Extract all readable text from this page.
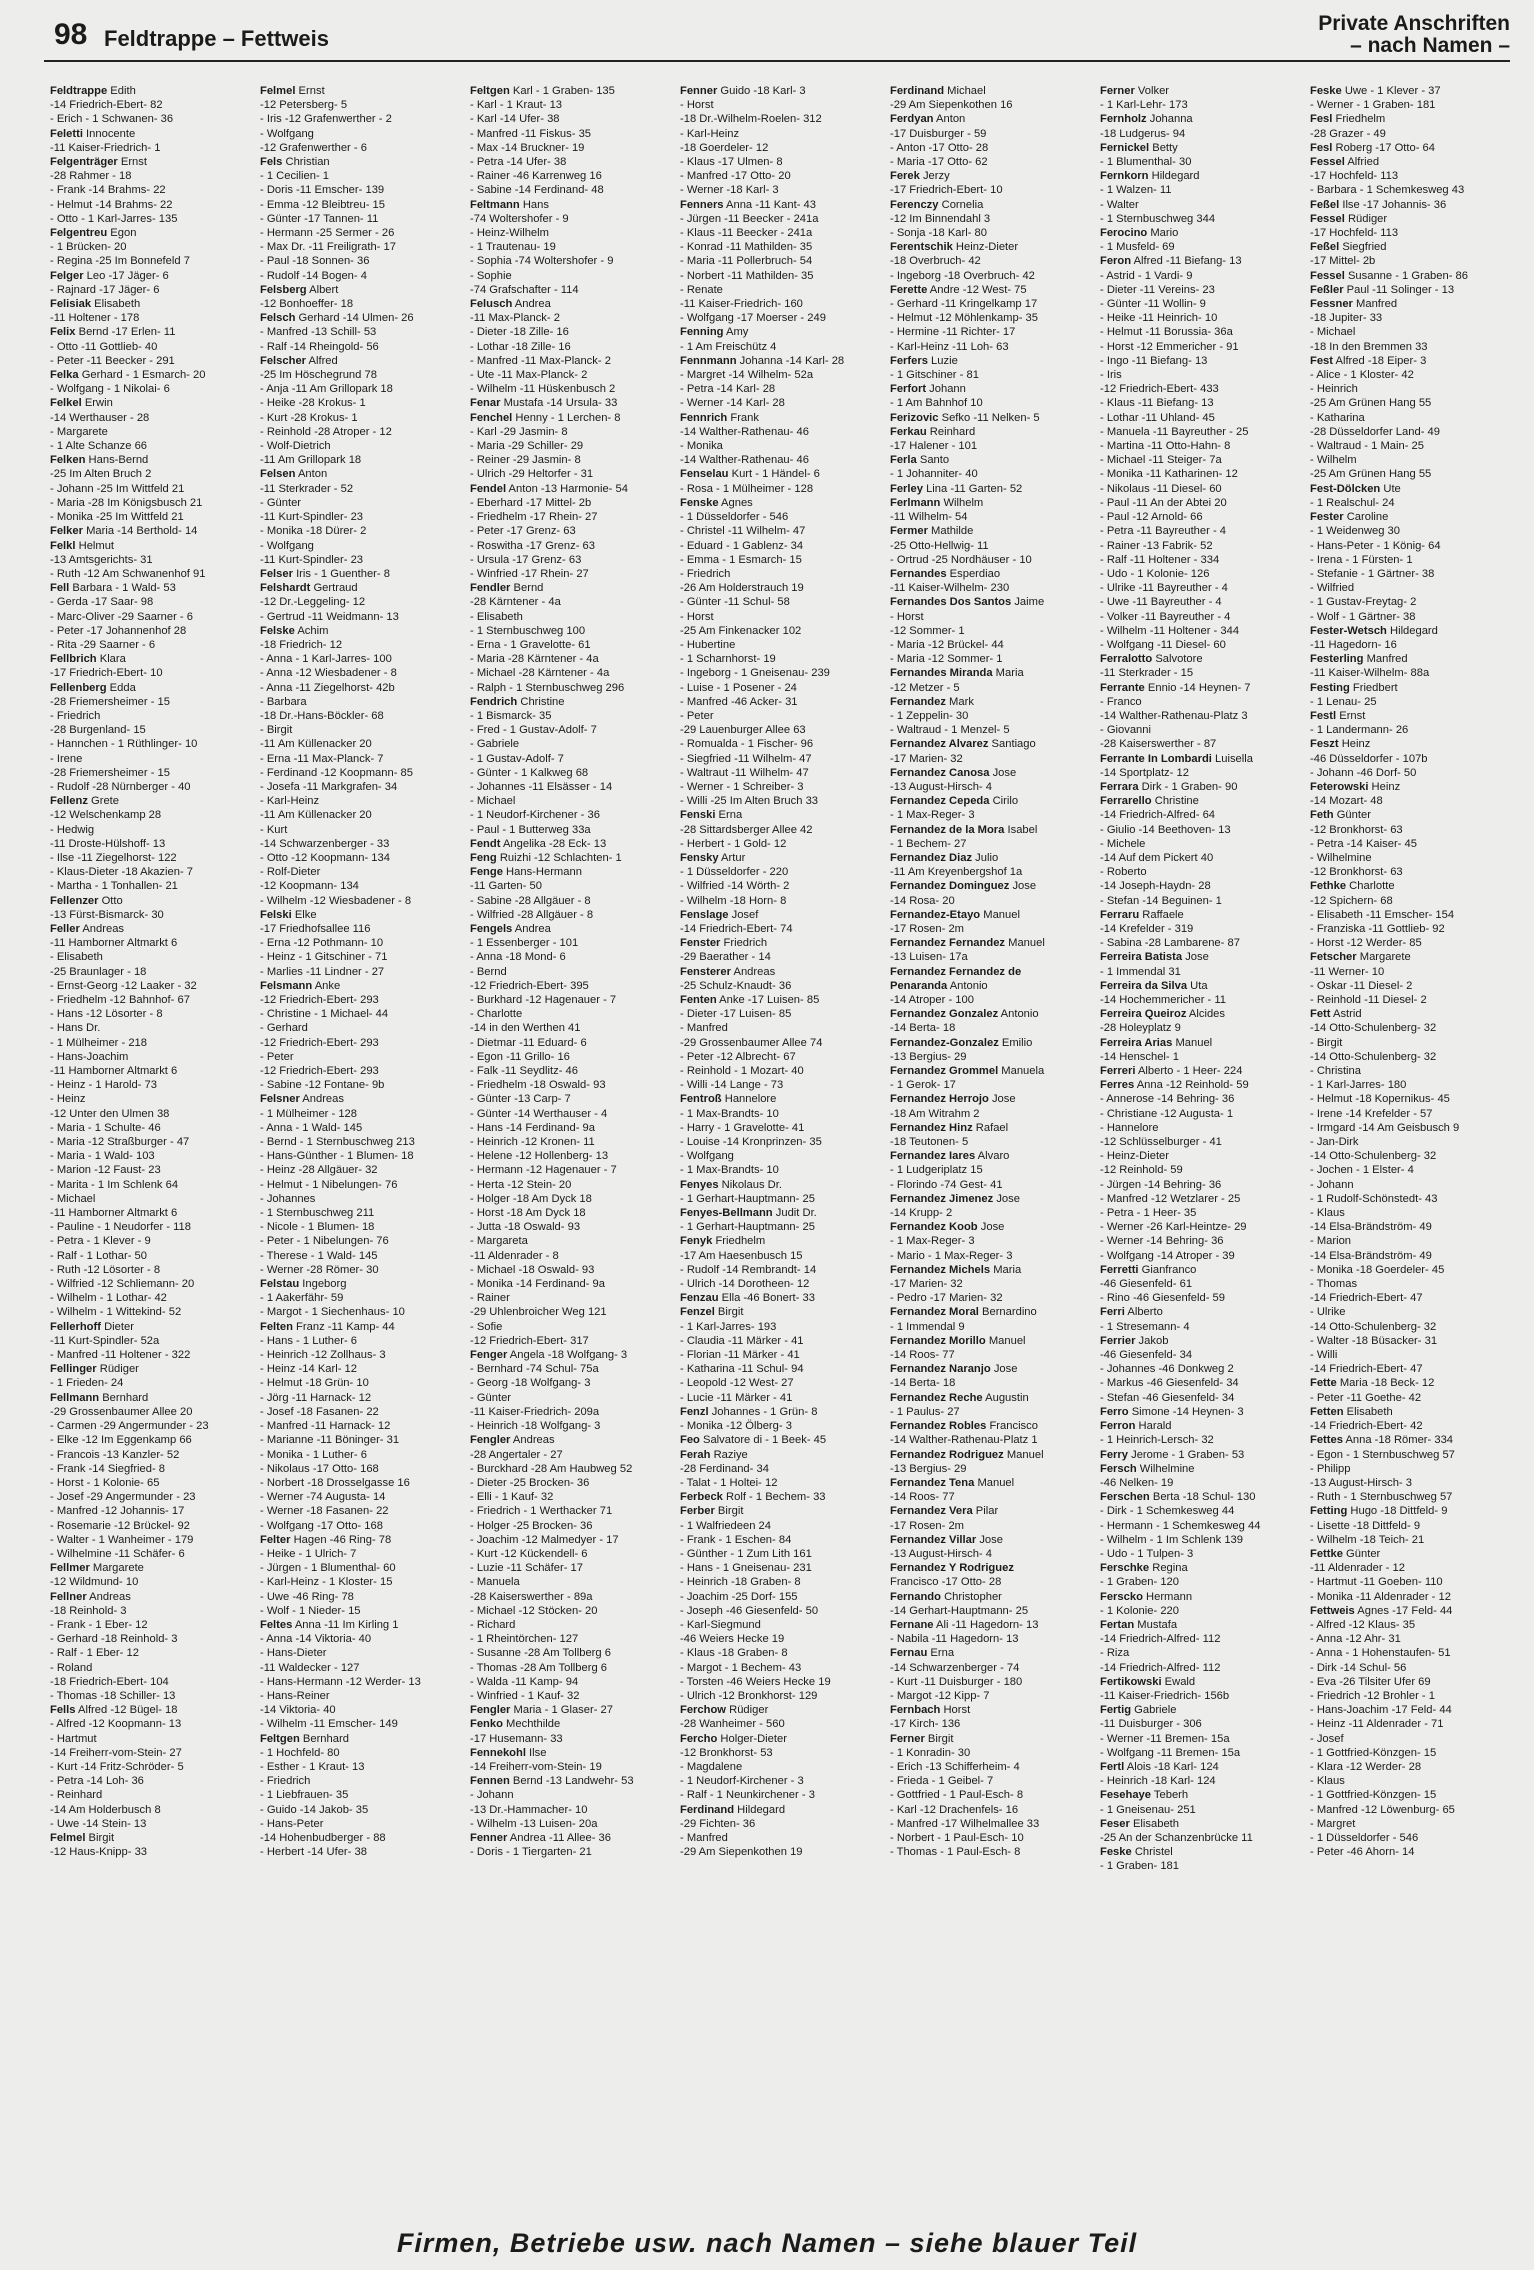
98 Feldtrappe – Fettweis
Private Anschriften
– nach Namen –
Feldtrappe Edith
-14 Friedrich-Ebert- 82
- Erich - 1 Schwanen- 36
Feletti Innocente
-11 Kaiser-Friedrich- 1
Felgenträger Ernst
-28 Rahmer - 18
- Frank -14 Brahms- 22
- Helmut -14 Brahms- 22
- Otto - 1 Karl-Jarres- 135
Felgentreu Egon
- 1 Brücken- 20
- Regina -25 Im Bonnefeld 7
Felger Leo -17 Jäger- 6
- Rajnard -17 Jäger- 6
Felisiak Elisabeth
-11 Holtener - 178
Felix Bernd -17 Erlen- 11
- Otto -11 Gottlieb- 40
- Peter -11 Beecker - 291
Felka Gerhard - 1 Esmarch- 20
- Wolfgang - 1 Nikolai- 6
Felkel Erwin
-14 Werthauser - 28
- Margarete
- 1 Alte Schanze 66
Felken Hans-Bernd
-25 Im Alten Bruch 2
- Johann -25 Im Wittfeld 21
- Maria -28 Im Königsbusch 21
- Monika -25 Im Wittfeld 21
Felker Maria -14 Berthold- 14
Felkl Helmut
-13 Amtsgerichts- 31
- Ruth -12 Am Schwanenhof 91
Fell Barbara - 1 Wald- 53
- Gerda -17 Saar- 98
- Marc-Oliver -29 Saarner - 6
- Peter -17 Johannenhof 28
- Rita -29 Saarner - 6
Fellbrich Klara
-17 Friedrich-Ebert- 10
Fellenberg Edda
-28 Friemersheimer - 15
- Friedrich
-28 Burgenland- 15
- Hannchen - 1 Rüthlinger- 10
- Irene
-28 Friemersheimer - 15
- Rudolf -28 Nürnberger - 40
Fellenz Grete
-12 Welschenkamp 28
- Hedwig
-11 Droste-Hülshoff- 13
- Ilse -11 Ziegelhorst- 122
- Klaus-Dieter -18 Akazien- 7
- Martha - 1 Tonhallen- 21
Fellenzer Otto
-13 Fürst-Bismarck- 30
Feller Andreas
-11 Hamborner Altmarkt 6
- Elisabeth
-25 Braunlager - 18
- Ernst-Georg -12 Laaker - 32
- Friedhelm -12 Bahnhof- 67
- Hans -12 Lösorter - 8
- Hans Dr.
- 1 Mülheimer - 218
- Hans-Joachim
-11 Hamborner Altmarkt 6
- Heinz - 1 Harold- 73
- Heinz
-12 Unter den Ulmen 38
- Maria - 1 Schulte- 46
- Maria -12 Straßburger - 47
- Maria - 1 Wald- 103
- Marion -12 Faust- 23
- Marita - 1 Im Schlenk 64
- Michael
-11 Hamborner Altmarkt 6
- Pauline - 1 Neudorfer - 118
- Petra - 1 Klever - 9
- Ralf - 1 Lothar- 50
- Ruth -12 Lösorter - 8
- Wilfried -12 Schliemann- 20
- Wilhelm - 1 Lothar- 42
- Wilhelm - 1 Wittekind- 52
Fellerhoff Dieter
-11 Kurt-Spindler- 52a
- Manfred -11 Holtener - 322
Fellinger Rüdiger
- 1 Frieden- 24
Fellmann Bernhard
-29 Grossenbaumer Allee 20
- Carmen -29 Angermunder - 23
- Elke -12 Im Eggenkamp 66
- Francois -13 Kanzler- 52
- Frank -14 Siegfried- 8
- Horst - 1 Kolonie- 65
- Josef -29 Angermunder - 23
- Manfred -12 Johannis- 17
- Rosemarie -12 Brückel- 92
- Walter - 1 Wanheimer - 179
- Wilhelmine -11 Schäfer- 6
Fellmer Margarete
-12 Wildmund- 10
Fellner Andreas
-18 Reinhold- 3
- Frank - 1 Eber- 12
- Gerhard -18 Reinhold- 3
- Ralf - 1 Eber- 12
- Roland
-18 Friedrich-Ebert- 104
- Thomas -18 Schiller- 13
Fells Alfred -12 Bügel- 18
- Alfred -12 Koopmann- 13
- Hartmut
-14 Freiherr-vom-Stein- 27
- Kurt -14 Fritz-Schröder- 5
- Petra -14 Loh- 36
- Reinhard
-14 Am Holderbusch 8
- Uwe -14 Stein- 13
Felmel Birgit
-12 Haus-Knipp- 33
Felmel Ernst
-12 Petersberg- 5
- Iris -12 Grafenwerther - 2
- Wolfgang
-12 Grafenwerther - 6
Fels Christian
- 1 Cecilien- 1
- Doris -11 Emscher- 139
- Emma -12 Bleibtreu- 15
- Günter -17 Tannen- 11
- Hermann -25 Sermer - 26
- Max Dr. -11 Freiligrath- 17
- Paul -18 Sonnen- 36
- Rudolf -14 Bogen- 4
Felsberg Albert
-12 Bonhoeffer- 18
Felsch Gerhard -14 Ulmen- 26
- Manfred -13 Schill- 53
- Ralf -14 Rheingold- 56
Felscher Alfred
-25 Im Höschegrund 78
- Anja -11 Am Grillopark 18
- Heike -28 Krokus- 1
- Kurt -28 Krokus- 1
- Reinhold -28 Atroper - 12
- Wolf-Dietrich
-11 Am Grillopark 18
Felsen Anton
-11 Sterkrader - 52
- Günter
-11 Kurt-Spindler- 23
- Monika -18 Dürer- 2
- Wolfgang
-11 Kurt-Spindler- 23
Felser Iris - 1 Guenther- 8
Felshardt Gertraud
-12 Dr.-Leggeling- 12
- Gertrud -11 Weidmann- 13
Felske Achim
-18 Friedrich- 12
- Anna - 1 Karl-Jarres- 100
- Anna -12 Wiesbadener - 8
- Anna -11 Ziegelhorst- 42b
- Barbara
-18 Dr.-Hans-Böckler- 68
- Birgit
-11 Am Küllenacker 20
- Erna -11 Max-Planck- 7
- Ferdinand -12 Koopmann- 85
- Josefa -11 Markgrafen- 34
- Karl-Heinz
-11 Am Küllenacker 20
- Kurt
-14 Schwarzenberger - 33
- Otto -12 Koopmann- 134
- Rolf-Dieter
-12 Koopmann- 134
- Wilhelm -12 Wiesbadener - 8
Felski Elke
-17 Friedhofsallee 116
- Erna -12 Pothmann- 10
- Heinz - 1 Gitschiner - 71
- Marlies -11 Lindner - 27
Felsmann Anke
-12 Friedrich-Ebert- 293
- Christine - 1 Michael- 44
- Gerhard
-12 Friedrich-Ebert- 293
- Peter
-12 Friedrich-Ebert- 293
- Sabine -12 Fontane- 9b
Felsner Andreas
- 1 Mülheimer - 128
- Anna - 1 Wald- 145
- Bernd - 1 Sternbuschweg 213
- Hans-Günther - 1 Blumen- 18
- Heinz -28 Allgäuer- 32
- Helmut - 1 Nibelungen- 76
- Johannes
- 1 Sternbuschweg 211
- Nicole - 1 Blumen- 18
- Peter - 1 Nibelungen- 76
- Therese - 1 Wald- 145
- Werner -28 Römer- 30
Felstau Ingeborg
- 1 Aakerfähr- 59
- Margot - 1 Siechenhaus- 10
Felten Franz -11 Kamp- 44
- Hans - 1 Luther- 6
- Heinrich -12 Zollhaus- 3
- Heinz -14 Karl- 12
- Helmut -18 Grün- 10
- Jörg -11 Harnack- 12
- Josef -18 Fasanen- 22
- Manfred -11 Harnack- 12
- Marianne -11 Böninger- 31
- Monika - 1 Luther- 6
- Nikolaus -17 Otto- 168
- Norbert -18 Drosselgasse 16
- Werner -74 Augusta- 14
- Werner -18 Fasanen- 22
- Wolfgang -17 Otto- 168
Felter Hagen -46 Ring- 78
- Heike - 1 Ulrich- 7
- Jürgen - 1 Blumenthal- 60
- Karl-Heinz - 1 Kloster- 15
- Uwe -46 Ring- 78
- Wolf - 1 Nieder- 15
Feltes Anna -11 Im Kirling 1
- Anna -14 Viktoria- 40
- Hans-Dieter
-11 Waldecker - 127
- Hans-Hermann -12 Werder- 13
- Hans-Reiner
-14 Viktoria- 40
- Wilhelm -11 Emscher- 149
Feltgen Bernhard
- 1 Hochfeld- 80
- Esther - 1 Kraut- 13
- Friedrich
- 1 Liebfrauen- 35
- Guido -14 Jakob- 35
- Hans-Peter
-14 Hohenbudberger - 88
- Herbert -14 Ufer- 38
Feltgen Karl - 1 Graben- 135
- Karl - 1 Kraut- 13
- Karl -14 Ufer- 38
- Manfred -11 Fiskus- 35
- Max -14 Bruckner- 19
- Petra -14 Ufer- 38
- Rainer -46 Karrenweg 16
- Sabine -14 Ferdinand- 48
Feltmann Hans
-74 Woltershofer - 9
- Heinz-Wilhelm
- 1 Trautenau- 19
- Sophia -74 Woltershofer - 9
- Sophie
-74 Grafschafter - 114
Felusch Andrea
-11 Max-Planck- 2
- Dieter -18 Zille- 16
- Lothar -18 Zille- 16
- Manfred -11 Max-Planck- 2
- Ute -11 Max-Planck- 2
- Wilhelm -11 Hüskenbusch 2
Fenar Mustafa -14 Ursula- 33
Fenchel Henny - 1 Lerchen- 8
- Karl -29 Jasmin- 8
- Maria -29 Schiller- 29
- Reiner -29 Jasmin- 8
- Ulrich -29 Heltorfer - 31
Fendel Anton -13 Harmonie- 54
- Eberhard -17 Mittel- 2b
- Friedhelm -17 Rhein- 27
- Peter -17 Grenz- 63
- Roswitha -17 Grenz- 63
- Ursula -17 Grenz- 63
- Winfried -17 Rhein- 27
Fendler Bernd
-28 Kärntener - 4a
- Elisabeth
- 1 Sternbuschweg 100
- Erna - 1 Gravelotte- 61
- Maria -28 Kärntener - 4a
- Michael -28 Kärntener - 4a
- Ralph - 1 Sternbuschweg 296
Fendrich Christine
- 1 Bismarck- 35
- Fred - 1 Gustav-Adolf- 7
- Gabriele
- 1 Gustav-Adolf- 7
- Günter - 1 Kalkweg 68
- Johannes -11 Elsässer - 14
- Michael
- 1 Neudorf-Kirchener - 36
- Paul - 1 Butterweg 33a
Fendt Angelika -28 Eck- 13
Feng Ruizhi -12 Schlachten- 1
Fenge Hans-Hermann
-11 Garten- 50
- Sabine -28 Allgäuer - 8
- Wilfried -28 Allgäuer - 8
Fengels Andrea
- 1 Essenberger - 101
- Anna -18 Mond- 6
- Bernd
-12 Friedrich-Ebert- 395
- Burkhard -12 Hagenauer - 7
- Charlotte
-14 in den Werthen 41
- Dietmar -11 Eduard- 6
- Egon -11 Grillo- 16
- Falk -11 Seydlitz- 46
- Friedhelm -18 Oswald- 93
- Günter -13 Carp- 7
- Günter -14 Werthauser - 4
- Hans -14 Ferdinand- 9a
- Heinrich -12 Kronen- 11
- Helene -12 Hollenberg- 13
- Hermann -12 Hagenauer - 7
- Herta -12 Stein- 20
- Holger -18 Am Dyck 18
- Horst -18 Am Dyck 18
- Jutta -18 Oswald- 93
- Margareta
-11 Aldenrader - 8
- Michael -18 Oswald- 93
- Monika -14 Ferdinand- 9a
- Rainer
-29 Uhlenbroicher Weg 121
- Sofie
-12 Friedrich-Ebert- 317
Fenger Angela -18 Wolfgang- 3
- Bernhard -74 Schul- 75a
- Georg -18 Wolfgang- 3
- Günter
-11 Kaiser-Friedrich- 209a
- Heinrich -18 Wolfgang- 3
Fengler Andreas
-28 Angertaler - 27
- Burckhard -28 Am Haubweg 52
- Dieter -25 Brocken- 36
- Elli - 1 Kauf- 32
- Friedrich - 1 Werthacker 71
- Holger -25 Brocken- 36
- Joachim -12 Malmedyer - 17
- Kurt -12 Kückendell- 6
- Luzie -11 Schäfer- 17
- Manuela
-28 Kaiserswerther - 89a
- Michael -12 Stöcken- 20
- Richard
- 1 Rheintörchen- 127
- Susanne -28 Am Tollberg 6
- Thomas -28 Am Tollberg 6
- Walda -11 Kamp- 94
- Winfried - 1 Kauf- 32
Fengler Maria - 1 Glaser- 27
Fenko Mechthilde
-17 Husemann- 33
Fennekohl Ilse
-14 Freiherr-vom-Stein- 19
Fennen Bernd -13 Landwehr- 53
- Johann
-13 Dr.-Hammacher- 10
- Wilhelm -13 Luisen- 20a
Fenner Andrea -11 Allee- 36
- Doris - 1 Tiergarten- 21
Fenner Guido -18 Karl- 3
- Horst
-18 Dr.-Wilhelm-Roelen- 312
- Karl-Heinz
-18 Goerdeler- 12
- Klaus -17 Ulmen- 8
- Manfred -17 Otto- 20
- Werner -18 Karl- 3
Fenners Anna -11 Kant- 43
- Jürgen -11 Beecker - 241a
- Klaus -11 Beecker - 241a
- Konrad -11 Mathilden- 35
- Maria -11 Pollerbruch- 54
- Norbert -11 Mathilden- 35
- Renate
-11 Kaiser-Friedrich- 160
- Wolfgang -17 Moerser - 249
Fenning Amy
- 1 Am Freischütz 4
Fennmann Johanna -14 Karl- 28
- Margret -14 Wilhelm- 52a
- Petra -14 Karl- 28
- Werner -14 Karl- 28
Fennrich Frank
-14 Walther-Rathenau- 46
- Monika
-14 Walther-Rathenau- 46
Fenselau Kurt - 1 Händel- 6
- Rosa - 1 Mülheimer - 128
Fenske Agnes
- 1 Düsseldorfer - 546
- Christel -11 Wilhelm- 47
- Eduard - 1 Gablenz- 34
- Emma - 1 Esmarch- 15
- Friedrich
-26 Am Holderstrauch 19
- Günter -11 Schul- 58
- Horst
-25 Am Finkenacker 102
- Hubertine
- 1 Scharnhorst- 19
- Ingeborg - 1 Gneisenau- 239
- Luise - 1 Posener - 24
- Manfred -46 Acker- 31
- Peter
-29 Lauenburger Allee 63
- Romualda - 1 Fischer- 96
- Siegfried -11 Wilhelm- 47
- Waltraut -11 Wilhelm- 47
- Werner - 1 Schreiber- 3
- Willi -25 Im Alten Bruch 33
Fenski Erna
-28 Sittardsberger Allee 42
- Herbert - 1 Gold- 12
Fensky Artur
- 1 Düsseldorfer - 220
- Wilfried -14 Wörth- 2
- Wilhelm -18 Horn- 8
Fenslage Josef
-14 Friedrich-Ebert- 74
Fenster Friedrich
-29 Baerather - 14
Fensterer Andreas
-25 Schulz-Knaudt- 36
Fenten Anke -17 Luisen- 85
- Dieter -17 Luisen- 85
- Manfred
-29 Grossenbaumer Allee 74
- Peter -12 Albrecht- 67
- Reinhold - 1 Mozart- 40
- Willi -14 Lange - 73
Fentroß Hannelore
- 1 Max-Brandts- 10
- Harry - 1 Gravelotte- 41
- Louise -14 Kronprinzen- 35
- Wolfgang
- 1 Max-Brandts- 10
Fenyes Nikolaus Dr.
- 1 Gerhart-Hauptmann- 25
Fenyes-Bellmann Judit Dr.
- 1 Gerhart-Hauptmann- 25
Fenyk Friedhelm
-17 Am Haesenbusch 15
- Rudolf -14 Rembrandt- 14
- Ulrich -14 Dorotheen- 12
Fenzau Ella -46 Bonert- 33
Fenzel Birgit
- 1 Karl-Jarres- 193
- Claudia -11 Märker - 41
- Florian -11 Märker - 41
- Katharina -11 Schul- 94
- Leopold -12 West- 27
- Lucie -11 Märker - 41
Fenzl Johannes - 1 Grün- 8
- Monika -12 Ölberg- 3
Feo Salvatore di - 1 Beek- 45
Ferah Raziye
-28 Ferdinand- 34
- Talat - 1 Holtei- 12
Ferbeck Rolf - 1 Bechem- 33
Ferber Birgit
- 1 Walfriedeen 24
- Frank - 1 Eschen- 84
- Günther - 1 Zum Lith 161
- Hans - 1 Gneisenau- 231
- Heinrich -18 Graben- 8
- Joachim -25 Dorf- 155
- Joseph -46 Giesenfeld- 50
- Karl-Siegmund
-46 Weiers Hecke 19
- Klaus -18 Graben- 8
- Margot - 1 Bechem- 43
- Torsten -46 Weiers Hecke 19
- Ulrich -12 Bronkhorst- 129
Ferchow Rüdiger
-28 Wanheimer - 560
Fercho Holger-Dieter
-12 Bronkhorst- 53
- Magdalene
- 1 Neudorf-Kirchener - 3
- Ralf - 1 Neunkirchener - 3
Ferdinand Hildegard
-29 Fichten- 36
- Manfred
-29 Am Siepenkothen 19
Ferdinand Michael
-29 Am Siepenkothen 16
Ferdyan Anton
-17 Duisburger - 59
- Anton -17 Otto- 28
- Maria -17 Otto- 62
Ferek Jerzy
-17 Friedrich-Ebert- 10
Ferenczy Cornelia
-12 Im Binnendahl 3
- Sonja -18 Karl- 80
Ferentschik Heinz-Dieter
-18 Overbruch- 42
- Ingeborg -18 Overbruch- 42
Ferette Andre -12 West- 75
- Gerhard -11 Kringelkamp 17
- Helmut -12 Möhlenkamp- 35
- Hermine -11 Richter- 17
- Karl-Heinz -11 Loh- 63
Ferfers Luzie
- 1 Gitschiner - 81
Ferfort Johann
- 1 Am Bahnhof 10
Ferizovic Sefko -11 Nelken- 5
Ferkau Reinhard
-17 Halener - 101
Ferla Santo
- 1 Johanniter- 40
Ferley Lina -11 Garten- 52
Ferlmann Wilhelm
-11 Wilhelm- 54
Fermer Mathilde
-25 Otto-Hellwig- 11
- Ortrud -25 Nordhäuser - 10
Fernandes Esperdiao
-11 Kaiser-Wilhelm- 230
Fernandes Dos Santos Jaime
- Horst
-12 Sommer- 1
- Maria -12 Brückel- 44
- Maria -12 Sommer- 1
Fernandes Miranda Maria
-12 Metzer - 5
Fernandez Mark
- 1 Zeppelin- 30
- Waltraud - 1 Menzel- 5
Fernandez Alvarez Santiago
-17 Marien- 32
Fernandez Canosa Jose
-13 August-Hirsch- 4
Fernandez Cepeda Cirilo
- 1 Max-Reger- 3
Fernandez de la Mora Isabel
- 1 Bechem- 27
Fernandez Diaz Julio
-11 Am Kreyenbergshof 1a
Fernandez Dominguez Jose
-14 Rosa- 20
Fernandez-Etayo Manuel
-17 Rosen- 2m
Fernandez Fernandez Manuel
-13 Luisen- 17a
Fernandez Fernandez de
Penaranda Antonio
-14 Atroper - 100
Fernandez Gonzalez Antonio
-14 Berta- 18
Fernandez-Gonzalez Emilio
-13 Bergius- 29
Fernandez Grommel Manuela
- 1 Gerok- 17
Fernandez Herrojo Jose
-18 Am Witrahm 2
Fernandez Hinz Rafael
-18 Teutonen- 5
Fernandez Iares Alvaro
- 1 Ludgeriplatz 15
- Florindo -74 Gest- 41
Fernandez Jimenez Jose
-14 Krupp- 2
Fernandez Koob Jose
- 1 Max-Reger- 3
- Mario - 1 Max-Reger- 3
Fernandez Michels Maria
-17 Marien- 32
- Pedro -17 Marien- 32
Fernandez Moral Bernardino
- 1 Immendal 9
Fernandez Morillo Manuel
-14 Roos- 77
Fernandez Naranjo Jose
-14 Berta- 18
Fernandez Reche Augustin
- 1 Paulus- 27
Fernandez Robles Francisco
-14 Walther-Rathenau-Platz 1
Fernandez Rodriguez Manuel
-13 Bergius- 29
Fernandez Tena Manuel
-14 Roos- 77
Fernandez Vera Pilar
-17 Rosen- 2m
Fernandez Villar Jose
-13 August-Hirsch- 4
Fernandez Y Rodriguez
Francisco -17 Otto- 28
Fernando Christopher
-14 Gerhart-Hauptmann- 25
Fernane Ali -11 Hagedorn- 13
- Nabila -11 Hagedorn- 13
Fernau Erna
-14 Schwarzenberger - 74
- Kurt -11 Duisburger - 180
- Margot -12 Kipp- 7
Fernbach Horst
-17 Kirch- 136
Ferner Birgit
- 1 Konradin- 30
- Erich -13 Schifferheim- 4
- Frieda - 1 Geibel- 7
- Gottfried - 1 Paul-Esch- 8
- Karl -12 Drachenfels- 16
- Manfred -17 Wilhelmallee 33
- Norbert - 1 Paul-Esch- 10
- Thomas - 1 Paul-Esch- 8
Ferner Volker
- 1 Karl-Lehr- 173
Fernholz Johanna
-18 Ludgerus- 94
Fernickel Betty
- 1 Blumenthal- 30
Fernkorn Hildegard
- 1 Walzen- 11
- Walter
- 1 Sternbuschweg 344
Ferocino Mario
- 1 Musfeld- 69
Feron Alfred -11 Biefang- 13
- Astrid - 1 Vardi- 9
- Dieter -11 Vereins- 23
- Günter -11 Wollin- 9
- Heike -11 Heinrich- 10
- Helmut -11 Borussia- 36a
- Horst -12 Emmericher - 91
- Ingo -11 Biefang- 13
- Iris
-12 Friedrich-Ebert- 433
- Klaus -11 Biefang- 13
- Lothar -11 Uhland- 45
- Manuela -11 Bayreuther - 25
- Martina -11 Otto-Hahn- 8
- Michael -11 Steiger- 7a
- Monika -11 Katharinen- 12
- Nikolaus -11 Diesel- 60
- Paul -11 An der Abtei 20
- Paul -12 Arnold- 66
- Petra -11 Bayreuther - 4
- Rainer -13 Fabrik- 52
- Ralf -11 Holtener - 334
- Udo - 1 Kolonie- 126
- Ulrike -11 Bayreuther - 4
- Uwe -11 Bayreuther - 4
- Volker -11 Bayreuther - 4
- Wilhelm -11 Holtener - 344
- Wolfgang -11 Diesel- 60
Ferralotto Salvotore
-11 Sterkrader - 15
Ferrante Ennio -14 Heynen- 7
- Franco
-14 Walther-Rathenau-Platz 3
- Giovanni
-28 Kaiserswerther - 87
Ferrante In Lombardi Luisella
-14 Sportplatz- 12
Ferrara Dirk - 1 Graben- 90
Ferrarello Christine
-14 Friedrich-Alfred- 64
- Giulio -14 Beethoven- 13
- Michele
-14 Auf dem Pickert 40
- Roberto
-14 Joseph-Haydn- 28
- Stefan -14 Beguinen- 1
Ferraru Raffaele
-14 Krefelder - 319
- Sabina -28 Lambarene- 87
Ferreira Batista Jose
- 1 Immendal 31
Ferreira da Silva Uta
-14 Hochemmericher - 11
Ferreira Queiroz Alcides
-28 Holeyplatz 9
Ferreira Arias Manuel
-14 Henschel- 1
Ferreri Alberto - 1 Heer- 224
Ferres Anna -12 Reinhold- 59
- Annerose -14 Behring- 36
- Christiane -12 Augusta- 1
- Hannelore
-12 Schlüsselburger - 41
- Heinz-Dieter
-12 Reinhold- 59
- Jürgen -14 Behring- 36
- Manfred -12 Wetzlarer - 25
- Petra - 1 Heer- 35
- Werner -26 Karl-Heintze- 29
- Werner -14 Behring- 36
- Wolfgang -14 Atroper - 39
Ferretti Gianfranco
-46 Giesenfeld- 61
- Rino -46 Giesenfeld- 59
Ferri Alberto
- 1 Stresemann- 4
Ferrier Jakob
-46 Giesenfeld- 34
- Johannes -46 Donkweg 2
- Markus -46 Giesenfeld- 34
- Stefan -46 Giesenfeld- 34
Ferro Simone -14 Heynen- 3
Ferron Harald
- 1 Heinrich-Lersch- 32
Ferry Jerome - 1 Graben- 53
Fersch Wilhelmine
-46 Nelken- 19
Ferschen Berta -18 Schul- 130
- Dirk - 1 Schemkesweg 44
- Hermann - 1 Schemkesweg 44
- Wilhelm - 1 Im Schlenk 139
- Udo - 1 Tulpen- 3
Ferschke Regina
- 1 Graben- 120
Ferscko Hermann
- 1 Kolonie- 220
Fertan Mustafa
-14 Friedrich-Alfred- 112
- Riza
-14 Friedrich-Alfred- 112
Fertikowski Ewald
-11 Kaiser-Friedrich- 156b
Fertig Gabriele
-11 Duisburger - 306
- Werner -11 Bremen- 15a
- Wolfgang -11 Bremen- 15a
Fertl Alois -18 Karl- 124
- Heinrich -18 Karl- 124
Fesehaye Teberh
- 1 Gneisenau- 251
Feser Elisabeth
-25 An der Schanzenbrücke 11
Feske Christel
- 1 Graben- 181
Feske Uwe - 1 Klever - 37
- Werner - 1 Graben- 181
Fesl Friedhelm
-28 Grazer - 49
Fesl Roberg -17 Otto- 64
Fessel Alfried
-17 Hochfeld- 113
- Barbara - 1 Schemkesweg 43
Feßel Ilse -17 Johannis- 36
Fessel Rüdiger
-17 Hochfeld- 113
Feßel Siegfried
-17 Mittel- 2b
Fessel Susanne - 1 Graben- 86
Feßler Paul -11 Solinger - 13
Fessner Manfred
-18 Jupiter- 33
- Michael
-18 In den Bremmen 33
Fest Alfred -18 Eiper- 3
- Alice - 1 Kloster- 42
- Heinrich
-25 Am Grünen Hang 55
- Katharina
-28 Düsseldorfer Land- 49
- Waltraud - 1 Main- 25
- Wilhelm
-25 Am Grünen Hang 55
Fest-Dölcken Ute
- 1 Realschul- 24
Fester Caroline
- 1 Weidenweg 30
- Hans-Peter - 1 König- 64
- Irena - 1 Fürsten- 1
- Stefanie - 1 Gärtner- 38
- Wilfried
- 1 Gustav-Freytag- 2
- Wolf - 1 Gärtner- 38
Fester-Wetsch Hildegard
-11 Hagedorn- 16
Festerling Manfred
-11 Kaiser-Wilhelm- 88a
Festing Friedbert
- 1 Lenau- 25
Festl Ernst
- 1 Landermann- 26
Feszt Heinz
-46 Düsseldorfer - 107b
- Johann -46 Dorf- 50
Feterowski Heinz
-14 Mozart- 48
Feth Günter
-12 Bronkhorst- 63
- Petra -14 Kaiser- 45
- Wilhelmine
-12 Bronkhorst- 63
Fethke Charlotte
-12 Spichern- 68
- Elisabeth -11 Emscher- 154
- Franziska -11 Gottlieb- 92
- Horst -12 Werder- 85
Fetscher Margarete
-11 Werner- 10
- Oskar -11 Diesel- 2
- Reinhold -11 Diesel- 2
Fett Astrid
-14 Otto-Schulenberg- 32
- Birgit
-14 Otto-Schulenberg- 32
- Christina
- 1 Karl-Jarres- 180
- Helmut -18 Kopernikus- 45
- Irene -14 Krefelder - 57
- Irmgard -14 Am Geisbusch 9
- Jan-Dirk
-14 Otto-Schulenberg- 32
- Jochen - 1 Elster- 4
- Johann
- 1 Rudolf-Schönstedt- 43
- Klaus
-14 Elsa-Brändström- 49
- Marion
-14 Elsa-Brändström- 49
- Monika -18 Goerdeler- 45
- Thomas
-14 Friedrich-Ebert- 47
- Ulrike
-14 Otto-Schulenberg- 32
- Walter -18 Büsacker- 31
- Willi
-14 Friedrich-Ebert- 47
Fette Maria -18 Beck- 12
- Peter -11 Goethe- 42
Fetten Elisabeth
-14 Friedrich-Ebert- 42
Fettes Anna -18 Römer- 334
- Egon - 1 Sternbuschweg 57
- Philipp
-13 August-Hirsch- 3
- Ruth - 1 Sternbuschweg 57
Fetting Hugo -18 Dittfeld- 9
- Lisette -18 Dittfeld- 9
- Wilhelm -18 Teich- 21
Fettke Günter
-11 Aldenrader - 12
- Hartmut -11 Goeben- 110
- Monika -11 Aldenrader - 12
Fettweis Agnes -17 Feld- 44
- Alfred -12 Klaus- 35
- Anna -12 Ahr- 31
- Anna - 1 Hohenstaufen- 51
- Dirk -14 Schul- 56
- Eva -26 Tilsiter Ufer 69
- Friedrich -12 Brohler - 1
- Hans-Joachim -17 Feld- 44
- Heinz -11 Aldenrader - 71
- Josef
- 1 Gottfried-Könzgen- 15
- Klara -12 Werder- 28
- Klaus
- 1 Gottfried-Könzgen- 15
- Manfred -12 Löwenburg- 65
- Margret
- 1 Düsseldorfer - 546
- Peter -46 Ahorn- 14
Firmen, Betriebe usw. nach Namen – siehe blauer Teil
